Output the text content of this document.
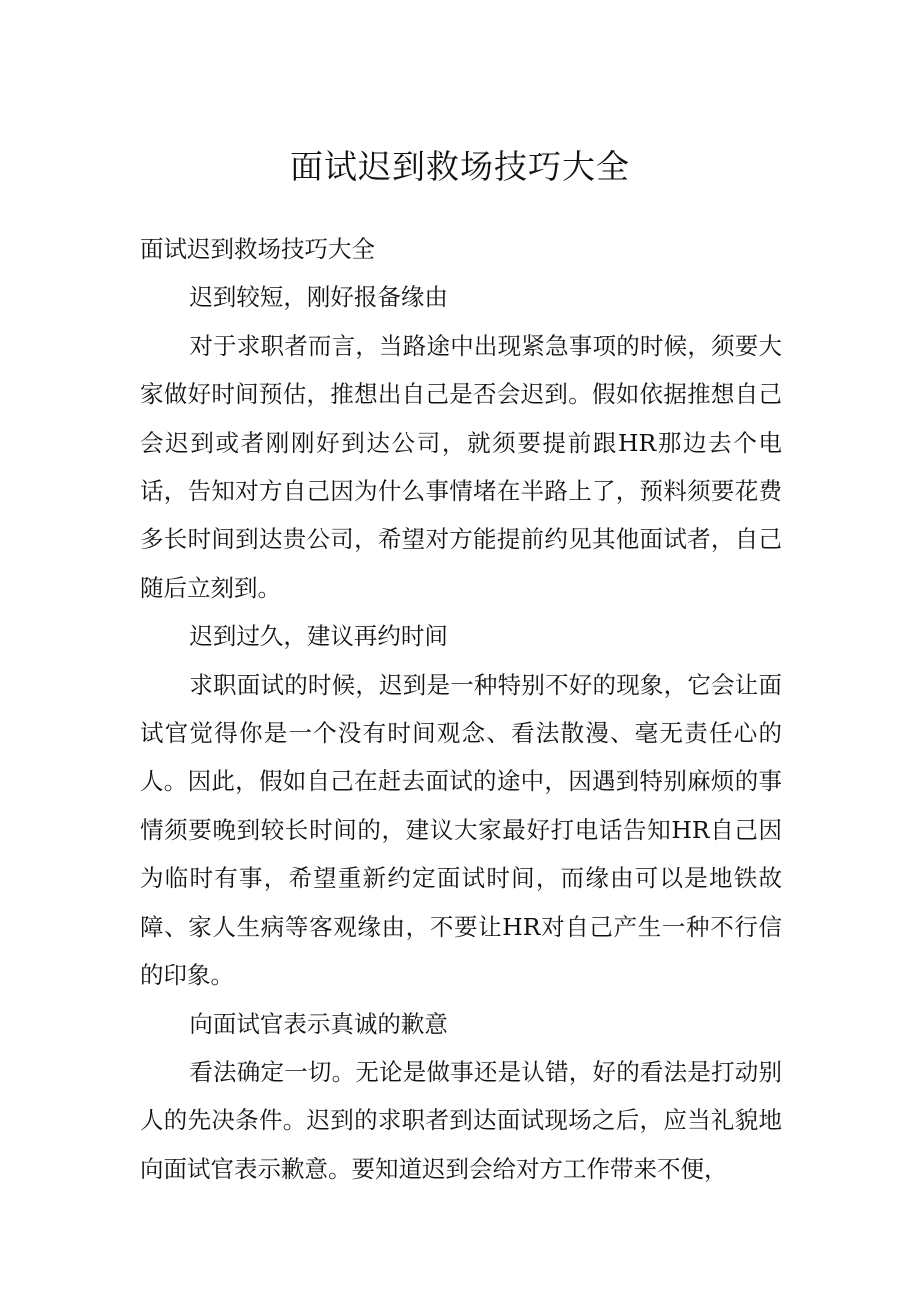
面试迟到救场技巧大全

面试迟到救场技巧大全

迟到较短，刚好报备缘由

对于求职者而言，当路途中出现紧急事项的时候，须要大家做好时间预估，推想出自己是否会迟到。假如依据推想自己会迟到或者刚刚好到达公司，就须要提前跟HR那边去个电话，告知对方自己因为什么事情堵在半路上了，预料须要花费多长时间到达贵公司，希望对方能提前约见其他面试者，自己随后立刻到。

迟到过久，建议再约时间

求职面试的时候，迟到是一种特别不好的现象，它会让面试官觉得你是一个没有时间观念、看法散漫、毫无责任心的人。因此，假如自己在赶去面试的途中，因遇到特别麻烦的事情须要晚到较长时间的，建议大家最好打电话告知HR自己因为临时有事，希望重新约定面试时间，而缘由可以是地铁故障、家人生病等客观缘由，不要让HR对自己产生一种不行信的印象。

向面试官表示真诚的歉意

看法确定一切。无论是做事还是认错，好的看法是打动别人的先决条件。迟到的求职者到达面试现场之后，应当礼貌地向面试官表示歉意。要知道迟到会给对方工作带来不便，
